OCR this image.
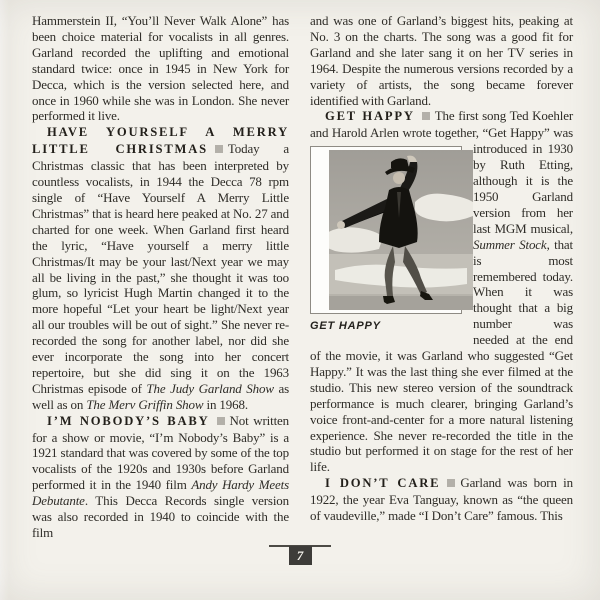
Hammerstein II, “You’ll Never Walk Alone” has been choice material for vocalists in all genres. Garland recorded the uplifting and emotional standard twice: once in 1945 in New York for Decca, which is the version selected here, and once in 1960 while she was in London. She never performed it live.
HAVE YOURSELF A MERRY LITTLE CHRISTMAS Today a Christmas classic that has been interpreted by countless vocalists, in 1944 the Decca 78 rpm single of “Have Yourself A Merry Little Christmas” that is heard here peaked at No. 27 and charted for one week. When Garland first heard the lyric, “Have yourself a merry little Christmas/It may be your last/Next year we may all be living in the past,” she thought it was too glum, so lyricist Hugh Martin changed it to the more hopeful “Let your heart be light/Next year all our troubles will be out of sight.” She never re-recorded the song for another label, nor did she ever incorporate the song into her concert repertoire, but she did sing it on the 1963 Christmas episode of The Judy Garland Show as well as on The Merv Griffin Show in 1968.
I’M NOBODY’S BABY Not written for a show or movie, “I’m Nobody’s Baby” is a 1921 standard that was covered by some of the top vocalists of the 1920s and 1930s before Garland performed it in the 1940 film Andy Hardy Meets Debutante. This Decca Records single version was also recorded in 1940 to coincide with the film
and was one of Garland’s biggest hits, peaking at No. 3 on the charts. The song was a good fit for Garland and she later sang it on her TV series in 1964. Despite the numerous versions recorded by a variety of artists, the song became forever identified with Garland.
GET HAPPY The first song Ted Koehler and Harold Arlen wrote together, “Get Happy”
GET HAPPY
was introduced in 1930 by Ruth Etting, although it is the 1950 Garland version from her last MGM musical, Summer Stock, that is most remembered today. When it was thought that a big number was needed at the end of the movie, it was Garland who suggested “Get Happy.” It was the last thing she ever filmed at the studio. This new stereo version of the soundtrack performance is much clearer, bringing Garland’s voice front-and-center for a more natural listening experience. She never re-recorded the title in the studio but performed it on stage for the rest of her life.
I DON’T CARE Garland was born in 1922, the year Eva Tanguay, known as “the queen of vaudeville,” made “I Don’t Care” famous. This
7
